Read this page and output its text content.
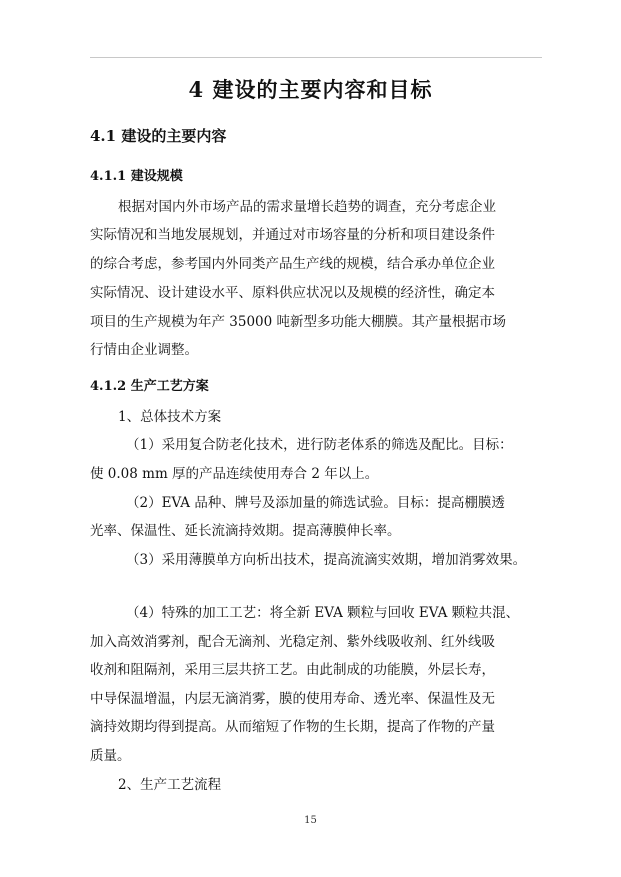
4 建设的主要内容和目标
4.1 建设的主要内容
4.1.1 建设规模
根据对国内外市场产品的需求量增长趋势的调查，充分考虑企业
实际情况和当地发展规划，并通过对市场容量的分析和项目建设条件
的综合考虑，参考国内外同类产品生产线的规模，结合承办单位企业
实际情况、设计建设水平、原料供应状况以及规模的经济性，确定本
项目的生产规模为年产 35000 吨新型多功能大棚膜。其产量根据市场
行情由企业调整。
4.1.2 生产工艺方案
1、总体技术方案
（1）采用复合防老化技术，进行防老体系的筛选及配比。目标：
使 0.08 mm 厚的产品连续使用寿合 2 年以上。
（2）EVA 品种、牌号及添加量的筛选试验。目标：提高棚膜透
光率、保温性、延长流滴持效期。提高薄膜伸长率。
（3）采用薄膜单方向析出技术，提高流滴实效期，增加消雾效果。
（4）特殊的加工工艺：将全新 EVA 颗粒与回收 EVA 颗粒共混、
加入高效消雾剂，配合无滴剂、光稳定剂、紫外线吸收剂、红外线吸
收剂和阻隔剂，采用三层共挤工艺。由此制成的功能膜，外层长寿，
中导保温增温，内层无滴消雾，膜的使用寿命、透光率、保温性及无
滴持效期均得到提高。从而缩短了作物的生长期，提高了作物的产量
质量。
2、生产工艺流程
15
